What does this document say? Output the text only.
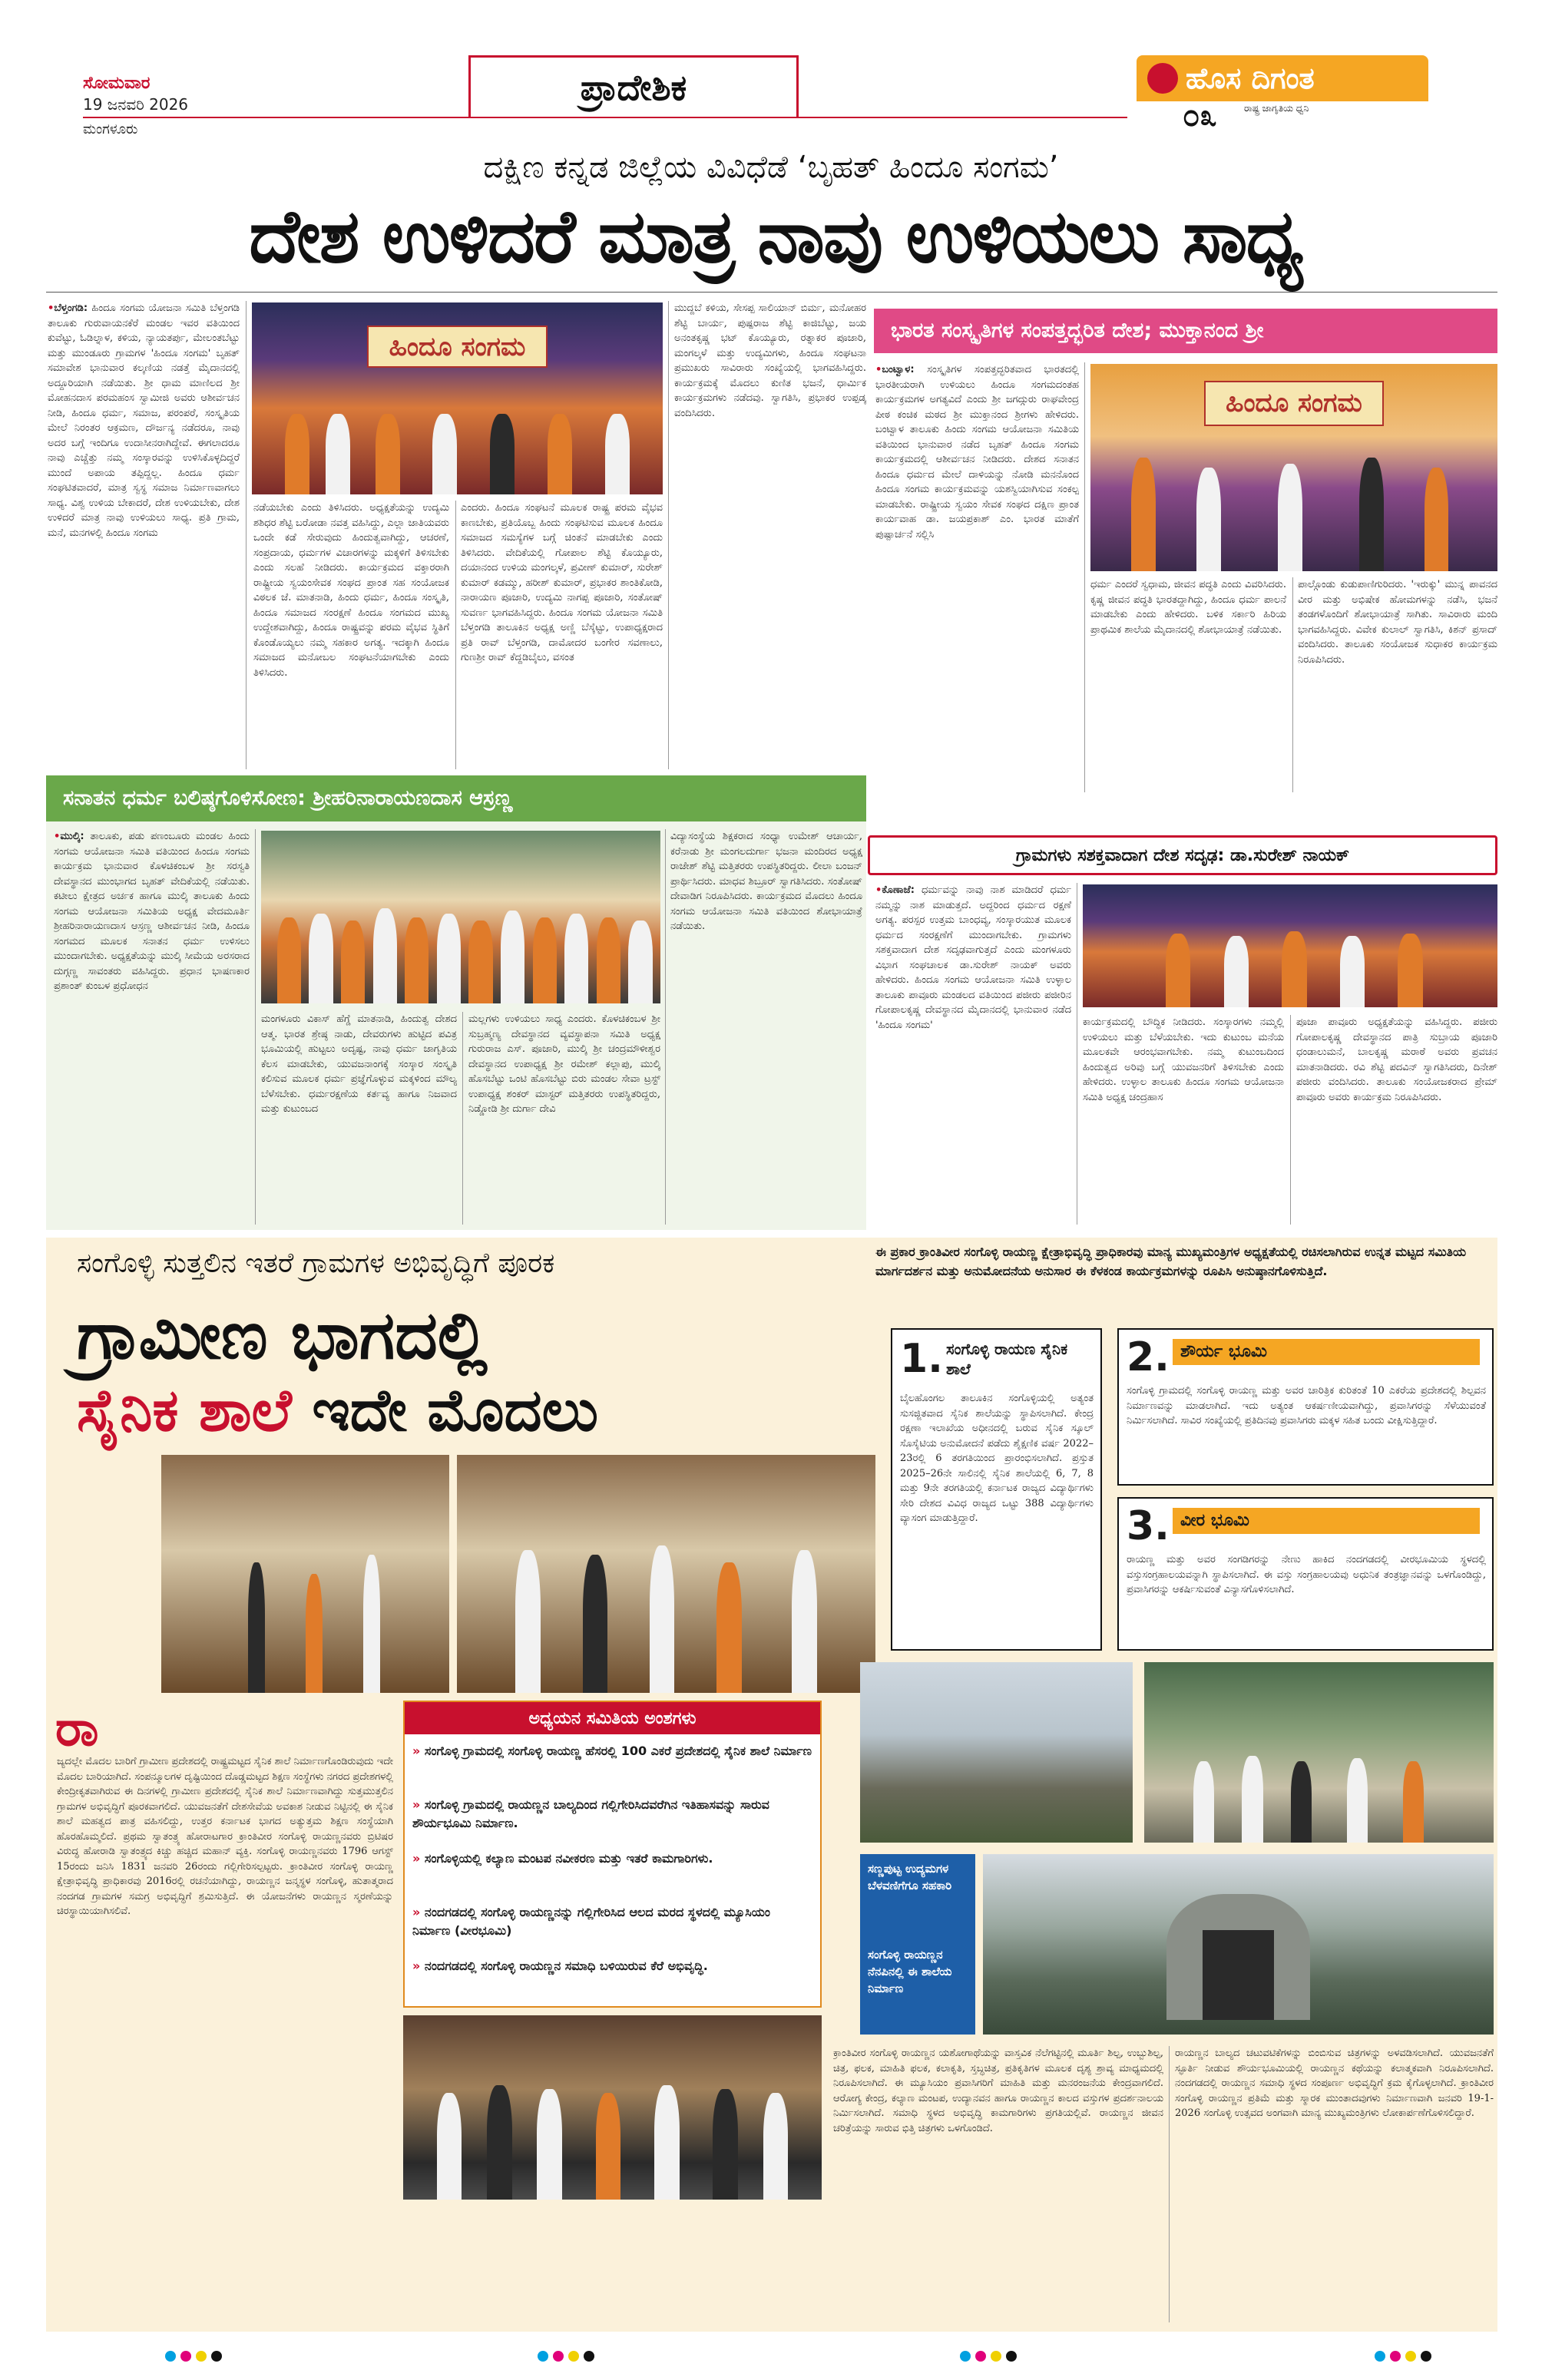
ಸೋಮವಾರ
19 ಜನವರಿ 2026
ಮಂಗಳೂರು
ಪ್ರಾದೇಶಿಕ	ಹೊಸ ದಿಗಂತ
ರಾಷ್ಟ್ರ ಜಾಗೃತಿಯ ಧ್ವನಿ
೦೩
ದಕ್ಷಿಣ ಕನ್ನಡ ಜಿಲ್ಲೆಯ ವಿವಿಧೆಡೆ ‘ಬೃಹತ್ ಹಿಂದೂ ಸಂಗಮ’
ದೇಶ ಉಳಿದರೆ ಮಾತ್ರ ನಾವು ಉಳಿಯಲು ಸಾಧ್ಯ
•ಬೆಳ್ತಂಗಡಿ: ಹಿಂದೂ ಸಂಗಮ ಯೋಜನಾ ಸಮಿತಿ ಬೆಳ್ತಂಗಡಿ ತಾಲೂಕು ಗುರುವಾಯನಕೆರೆ ಮಂಡಲ ಇವರ ವತಿಯಿಂದ ಕುವೆಟ್ಟು, ಓಡಿಲ್ನಾಳ, ಕಳಿಯ, ನ್ಯಾಯತರ್ಪು, ಮೇಲಂತಬೆಟ್ಟು ಮತ್ತು ಮುಂಡೂರು ಗ್ರಾಮಗಳ 'ಹಿಂದೂ ಸಂಗಮ' ಬೃಹತ್ ಸಮಾವೇಶ ಭಾನುವಾರ ಕಲ್ಕಣಿಯ ನಡತ್ತೆ ಮೈದಾನದಲ್ಲಿ ಅದ್ದೂರಿಯಾಗಿ ನಡೆಯಿತು. ಶ್ರೀ ಧಾಮ ಮಾಣಿಲದ ಶ್ರೀ ಮೋಹನದಾಸ ಪರಮಹಂಸ ಸ್ವಾಮೀಜಿ ಅವರು ಆಶೀರ್ವಚನ ನೀಡಿ, ಹಿಂದೂ ಧರ್ಮ, ಸಮಾಜ, ಪರಂಪರೆ, ಸಂಸ್ಕೃತಿಯ ಮೇಲೆ ನಿರಂತರ ಆಕ್ರಮಣ, ದೌರ್ಜನ್ಯ ನಡೆದರೂ, ನಾವು ಅದರ ಬಗ್ಗೆ ಇಂದಿಗೂ ಉದಾಸೀನರಾಗಿದ್ದೇವೆ. ಈಗಲಾದರೂ ನಾವು ಎಚ್ಚೆತ್ತು ನಮ್ಮ ಸಂಸ್ಕಾರವನ್ನು ಉಳಿಸಿಕೊಳ್ಳದಿದ್ದರೆ ಮುಂದೆ ಅಪಾಯ ತಪ್ಪಿದ್ದಲ್ಲ. ಹಿಂದೂ ಧರ್ಮ ಸಂಘಟಿತವಾದರೆ, ಮಾತ್ರ ಸ್ವಸ್ಥ ಸಮಾಜ ನಿರ್ಮಾಣವಾಗಲು ಸಾಧ್ಯ. ವಿಶ್ವ ಉಳಿಯ ಬೇಕಾದರೆ, ದೇಶ ಉಳಿಯಬೇಕು, ದೇಶ ಉಳಿದರೆ ಮಾತ್ರ ನಾವು ಉಳಿಯಲು ಸಾಧ್ಯ. ಪ್ರತಿ ಗ್ರಾಮ, ಮನೆ, ಮನಗಳಲ್ಲಿ ಹಿಂದೂ ಸಂಗಮ
ಹಿಂದೂ ಸಂಗಮ
ನಡೆಯಬೇಕು ಎಂದು ತಿಳಿಸಿದರು. ಅಧ್ಯಕ್ಷತೆಯನ್ನು ಉದ್ಯಮಿ ಶಶಿಧರ ಶೆಟ್ಟಿ ಬರೋಡಾ ನವತ್ತ ವಹಿಸಿದ್ದು, ಎಲ್ಲಾ ಜಾತಿಯವರು ಒಂದೇ ಕಡೆ ಸೇರುವುದು ಹಿಂದುತ್ವವಾಗಿದ್ದು, ಆಚರಣೆ, ಸಂಪ್ರದಾಯ, ಧರ್ಮಗಳ ವಿಚಾರಗಳನ್ನು ಮಕ್ಕಳಿಗೆ ತಿಳಿಸಬೇಕು ಎಂದು ಸಲಹೆ ನೀಡಿದರು. ಕಾರ್ಯಕ್ರಮದ ವಕ್ತಾರರಾಗಿ ರಾಷ್ಟ್ರೀಯ ಸ್ವಯಂಸೇವಕ ಸಂಘದ ಪ್ರಾಂತ ಸಹ ಸಂಯೋಜಕ ವಿಠಲಕ ಜೆ. ಮಾತನಾಡಿ, ಹಿಂದು ಧರ್ಮ, ಹಿಂದೂ ಸಂಸ್ಕೃತಿ, ಹಿಂದೂ ಸಮಾಜದ ಸಂರಕ್ಷಣೆ ಹಿಂದೂ ಸಂಗಮದ ಮುಖ್ಯ ಉದ್ದೇಶವಾಗಿದ್ದು, ಹಿಂದೂ ರಾಷ್ಟ್ರವನ್ನು ಪರಮ ವೈಭವ ಸ್ಥಿತಿಗೆ ಕೊಂಡೊಯ್ಯಲು ನಮ್ಮ ಸಹಕಾರ ಅಗತ್ಯ. ಇದಕ್ಕಾಗಿ ಹಿಂದೂ ಸಮಾಜದ ಮನೋಬಲ ಸಂಘಟನೆಯಾಗಬೇಕು ಎಂದು ತಿಳಿಸಿದರು.
ಎಂದರು. ಹಿಂದೂ ಸಂಘಟನೆ ಮೂಲಕ ರಾಷ್ಟ್ರ ಪರಮ ವೈಭವ ಕಾಣಬೇಕು, ಪ್ರತಿಯೊಬ್ಬ ಹಿಂದು ಸಂಘಟಿಸುವ ಮೂಲಕ ಹಿಂದೂ ಸಮಾಜದ ಸಮಸ್ಯೆಗಳ ಬಗ್ಗೆ ಚಿಂತನೆ ಮಾಡಬೇಕು ಎಂದು ತಿಳಿಸಿದರು. ವೇದಿಕೆಯಲ್ಲಿ ಗೋಪಾಲ ಶೆಟ್ಟಿ ಕೊಯ್ಯೂರು, ದಯಾನಂದ ಉಳಿಯ ಮಂಗಲ್ಕಳೆ, ಪ್ರವೀಣ್ ಕುಮಾರ್, ಸುರೇಶ್ ಕುಮಾರ್ ಕಡಮ್ಮು, ಹರೀಶ್ ಕುಮಾರ್, ಪ್ರಭಾಕರ ಶಾಂತಿಕೋಡಿ, ನಾರಾಯಣ ಪೂಜಾರಿ, ಉದ್ಯಮಿ ನಾಗಪ್ಪ ಪೂಜಾರಿ, ಸಂತೋಷ್ ಸುವರ್ಣ ಭಾಗವಹಿಸಿದ್ದರು. ಹಿಂದೂ ಸಂಗಮ ಯೋಜನಾ ಸಮಿತಿ ಬೆಳ್ತಂಗಡಿ ತಾಲೂಕಿನ ಅಧ್ಯಕ್ಷ ಅಣ್ಣಿ ಬೆಸ್ಕೆಟ್ಟು, ಉಪಾಧ್ಯಕ್ಷರಾದ ಪ್ರತಿ ರಾವ್ ಬೆಳ್ತಂಗಡಿ, ದಾಮೋದರ ಬಂಗೇರ ಸವಣಾಲು, ಗುಣಶ್ರೀ ರಾವ್ ಕೆದ್ದಡಿಬೈಲು, ವಸಂತ
ಮುದ್ದಬೆ ಕಳಿಯ, ಸೇಸಪ್ಪ ಸಾಲಿಯಾನ್ ಬಿರ್ಮ, ಮನೋಹರ ಶೆಟ್ಟಿ ಬಾರ್ಯ, ಪುಷ್ಪರಾಜ ಶೆಟ್ಟಿ ಕಾಜಿಬೆಟ್ಟು, ಜಯ ಅನಂತಕೃಷ್ಣ ಭಟ್ ಕೊಯ್ಯೂರು, ರತ್ನಾಕರ ಪೂಜಾರಿ, ಮಂಗಲ್ಕಳೆ ಮತ್ತು ಉದ್ಯಮಿಗಳು, ಹಿಂದೂ ಸಂಘಟನಾ ಪ್ರಮುಖರು ಸಾವಿರಾರು ಸಂಖ್ಯೆಯಲ್ಲಿ ಭಾಗವಹಿಸಿದ್ದರು. ಕಾರ್ಯಕ್ರಮಕ್ಕೆ ಮೊದಲು ಕುಣಿತ ಭಜನೆ, ಧಾರ್ಮಿಕ ಕಾರ್ಯಕ್ರಮಗಳು ನಡೆದವು. ಸ್ವಾಗತಿಸಿ, ಪ್ರಭಾಕರ ಉಪ್ಪಡ್ಕ ವಂದಿಸಿದರು.
ಭಾರತ ಸಂಸ್ಕೃತಿಗಳ ಸಂಪತ್ತದ್ಭರಿತ ದೇಶ; ಮುಕ್ತಾನಂದ ಶ್ರೀ
•ಬಂಟ್ವಾಳ: ಸಂಸ್ಕೃತಿಗಳ ಸಂಪತ್ತದ್ಭರಿತವಾದ ಭಾರತದಲ್ಲಿ ಭಾರತೀಯರಾಗಿ ಉಳಿಯಲು ಹಿಂದೂ ಸಂಗಮದಂತಹ ಕಾರ್ಯಕ್ರಮಗಳ ಅಗತ್ಯವಿದೆ ಎಂದು ಶ್ರೀ ಜಗದ್ಗುರು ರಾಘವೇಂದ್ರ ಪೀಠ ಕಂಚಿಕ ಮಠದ ಶ್ರೀ ಮುಕ್ತಾನಂದ ಶ್ರೀಗಳು ಹೇಳಿದರು. ಬಂಟ್ವಾಳ ತಾಲೂಕು ಹಿಂದು ಸಂಗಮ ಆಯೋಜನಾ ಸಮಿತಿಯ ವತಿಯಿಂದ ಭಾನುವಾರ ನಡೆದ ಬೃಹತ್ ಹಿಂದೂ ಸಂಗಮ ಕಾರ್ಯಕ್ರಮದಲ್ಲಿ ಆಶೀರ್ವಚನ ನೀಡಿದರು. ದೇಶದ ಸನಾತನ ಹಿಂದೂ ಧರ್ಮದ ಮೇಲೆ ದಾಳಿಯನ್ನು ನೋಡಿ ಮನನೊಂದ ಹಿಂದೂ ಸಂಗಮ ಕಾರ್ಯಕ್ರಮವನ್ನು ಯಶಸ್ವಿಯಾಗಿಸುವ ಸಂಕಲ್ಪ ಮಾಡಬೇಕು. ರಾಷ್ಟ್ರೀಯ ಸ್ವಯಂ ಸೇವಕ ಸಂಘದ ದಕ್ಷಿಣ ಪ್ರಾಂತ ಕಾರ್ಯವಾಹ ಡಾ. ಜಯಪ್ರಕಾಶ್ ಎಂ. ಭಾರತ ಮಾತೆಗೆ ಪುಷ್ಪಾರ್ಚನೆ ಸಲ್ಲಿಸಿ
ಹಿಂದೂ ಸಂಗಮ
ಧರ್ಮ ಎಂದರೆ ಸ್ವಧಾಮ, ಜೀವನ ಪದ್ಧತಿ ಎಂದು ವಿವರಿಸಿದರು. ಕೃಷ್ಣ ಜೀವನ ಪದ್ಧತಿ ಭಾರತದ್ದಾಗಿದ್ದು, ಹಿಂದೂ ಧರ್ಮ ಪಾಲನೆ ಮಾಡಬೇಕು ಎಂದು ಹೇಳಿದರು. ಬಳಿಕ ಸರ್ಕಾರಿ ಹಿರಿಯ ಪ್ರಾಥಮಿಕ ಶಾಲೆಯ ಮೈದಾನದಲ್ಲಿ ಶೋಭಾಯಾತ್ರೆ ನಡೆಯಿತು.
ಪಾಲ್ಗೊಂಡು ಕುಡುಪಾಣಿಗುರಿದರು. 'ಇರುಕ್ಕು' ಮುನ್ನ ಪಾವನದ ವೀರ ಮತ್ತು ಅಭಿಷೇಕ ಹೋಮಗಳನ್ನು ನಡೆಸಿ, ಭಜನೆ ತಂಡಗಳೊಂದಿಗೆ ಶೋಭಾಯಾತ್ರೆ ಸಾಗಿತು. ಸಾವಿರಾರು ಮಂದಿ ಭಾಗವಹಿಸಿದ್ದರು. ವಿವೇಕ ಕುಲಾಲ್ ಸ್ವಾಗತಿಸಿ, ಕಿಶನ್ ಪ್ರಸಾದ್ ವಂದಿಸಿದರು. ತಾಲೂಕು ಸಂಯೋಜಕ ಸುಧಾಕರ ಕಾರ್ಯಕ್ರಮ ನಿರೂಪಿಸಿದರು.
ಸನಾತನ ಧರ್ಮ ಬಲಿಷ್ಠಗೊಳಿಸೋಣ: ಶ್ರೀಹರಿನಾರಾಯಣದಾಸ ಆಸ್ರಣ್ಣ
•ಮುಲ್ಕಿ: ತಾಲೂಕು, ಪಡು ಪಣಂಬೂರು ಮಂಡಲ ಹಿಂದು ಸಂಗಮ ಆಯೋಜನಾ ಸಮಿತಿ ವತಿಯಿಂದ ಹಿಂದೂ ಸಂಗಮ ಕಾರ್ಯಕ್ರಮ ಭಾನುವಾರ ಕೊಳಚಿಕಂಬಳ ಶ್ರೀ ಸರಸ್ವತಿ ದೇವಸ್ಥಾನದ ಮುಂಭಾಗದ ಬೃಹತ್ ವೇದಿಕೆಯಲ್ಲಿ ನಡೆಯಿತು. ಕಟೀಲು ಕ್ಷೇತ್ರದ ಅರ್ಚಕ ಹಾಗೂ ಮುಲ್ಕಿ ತಾಲೂಕು ಹಿಂದು ಸಂಗಮ ಆಯೋಜನಾ ಸಮಿತಿಯ ಅಧ್ಯಕ್ಷ ವೇದಮೂರ್ತಿ ಶ್ರೀಹರಿನಾರಾಯಣದಾಸ ಆಸ್ರಣ್ಣ ಆಶೀರ್ವಚನ ನೀಡಿ, ಹಿಂದೂ ಸಂಗಮದ ಮೂಲಕ ಸನಾತನ ಧರ್ಮ ಉಳಿಸಲು ಮುಂದಾಗಬೇಕು. ಅಧ್ಯಕ್ಷತೆಯನ್ನು ಮುಲ್ಕಿ ಸೀಮೆಯ ಅರಸರಾದ ದುಗ್ಗಣ್ಣ ಸಾವಂತರು ವಹಿಸಿದ್ದರು. ಪ್ರಧಾನ ಭಾಷಣಕಾರ ಪ್ರಶಾಂತ್ ಕುಂಬಳ ಪ್ರಧೋಧನ
ಮಂಗಳೂರು ವಿಕಾಸ್ ಹೆಗ್ಡೆ ಮಾತನಾಡಿ, ಹಿಂದುತ್ವ ದೇಶದ ಆತ್ಮ. ಭಾರತ ಶ್ರೇಷ್ಠ ನಾಡು, ದೇವರುಗಳು ಹುಟ್ಟಿದ ಪವಿತ್ರ ಭೂಮಿಯಲ್ಲಿ ಹುಟ್ಟಲು ಅದೃಷ್ಟ, ನಾವು ಧರ್ಮ ಜಾಗೃತಿಯ ಕೆಲಸ ಮಾಡಬೇಕು, ಯುವಜನಾಂಗಕ್ಕೆ ಸಂಸ್ಕಾರ ಸಂಸ್ಕೃತಿ ಕಲಿಸುವ ಮೂಲಕ ಧರ್ಮ ಪ್ರಜ್ಞೆಗೊಳ್ಳುವ ಮಕ್ಕಳಿಂದ ಮೌಲ್ಯ ಬೆಳೆಸಬೇಕು. ಧರ್ಮರಕ್ಷಣೆಯ ಕರ್ತವ್ಯ ಹಾಗೂ ನಿಜವಾದ ಮತ್ತು ಕುಟುಂಬದ
ಮಲ್ಲಗಳು ಉಳಿಯಲು ಸಾಧ್ಯ ಎಂದರು. ಕೊಳಚಿಕಂಬಳ ಶ್ರೀ ಸುಬ್ರಹ್ಮಣ್ಯ ದೇವಸ್ಥಾನದ ವ್ಯವಸ್ಥಾಪನಾ ಸಮಿತಿ ಅಧ್ಯಕ್ಷ ಗುರುರಾಜ ಎಸ್. ಪೂಜಾರಿ, ಮುಲ್ಕಿ ಶ್ರೀ ಚಂದ್ರಮೌಳೀಶ್ವರ ದೇವಸ್ಥಾನದ ಉಪಾಧ್ಯಕ್ಷ ಶ್ರೀ ರಮೇಶ್ ಕಲ್ಲಾಪು, ಮುಲ್ಕಿ ಹೊಸಬೆಟ್ಟು ಒಂಟಿ ಹೊಸಬೆಟ್ಟು ಬಿರು ಮಂಡಲ ಸೇವಾ ಟ್ರಸ್ಟ್ ಉಪಾಧ್ಯಕ್ಷ ಶಂಕರ್ ಮಾಸ್ಟರ್ ಮತ್ತಿತರರು ಉಪಸ್ಥಿತರಿದ್ದರು, ನಿಡ್ಡೋಡಿ ಶ್ರೀ ದುರ್ಗಾ ದೇವಿ
ವಿದ್ಯಾಸಂಸ್ಥೆಯ ಶಿಕ್ಷಕರಾದ ಸಂಧ್ಯಾ ಉಮೇಶ್ ಆಚಾರ್ಯ, ಕರೆನಾಡು ಶ್ರೀ ಮಂಗಲದುರ್ಗಾ ಭಜನಾ ಮಂದಿರದ ಅಧ್ಯಕ್ಷ ರಾಜೇಶ್ ಶೆಟ್ಟಿ ಮತ್ತಿತರರು ಉಪಸ್ಥಿತರಿದ್ದರು. ಲೀಲಾ ಬಂಜನ್ ಪ್ರಾರ್ಥಿಸಿದರು. ಮಾಧವ ಶಿಬ್ರೂರ್ ಸ್ವಾಗತಿಸಿದರು. ಸಂತೋಷ್ ದೇವಾಡಿಗ ನಿರೂಪಿಸಿದರು. ಕಾರ್ಯಕ್ರಮದ ಮೊದಲು ಹಿಂದೂ ಸಂಗಮ ಆಯೋಜನಾ ಸಮಿತಿ ವತಿಯಿಂದ ಶೋಭಾಯಾತ್ರೆ ನಡೆಯಿತು.
ಗ್ರಾಮಗಳು ಸಶಕ್ತವಾದಾಗ ದೇಶ ಸದೃಢ: ಡಾ.ಸುರೇಶ್ ನಾಯಕ್
•ಕೊಣಾಜೆ: ಧರ್ಮವನ್ನು ನಾವು ನಾಶ ಮಾಡಿದರೆ ಧರ್ಮ ನಮ್ಮನ್ನು ನಾಶ ಮಾಡುತ್ತದೆ. ಅದ್ದರಿಂದ ಧರ್ಮದ ರಕ್ಷಣೆ ಅಗತ್ಯ. ಪರಸ್ಪರ ಉತ್ತಮ ಬಾಂಧವ್ಯ, ಸಂಸ್ಕಾರಯುತ ಮೂಲಕ ಧರ್ಮದ ಸಂರಕ್ಷಣೆಗೆ ಮುಂದಾಗಬೇಕು. ಗ್ರಾಮಗಳು ಸಶಕ್ತವಾದಾಗ ದೇಶ ಸದೃಢವಾಗುತ್ತದೆ ಎಂದು ಮಂಗಳೂರು ವಿಭಾಗ ಸಂಘಚಾಲಕ ಡಾ.ಸುರೇಶ್ ನಾಯಕ್ ಅವರು ಹೇಳಿದರು. ಹಿಂದೂ ಸಂಗಮ ಆಯೋಜನಾ ಸಮಿತಿ ಉಳ್ಳಾಲ ತಾಲೂಕು ಪಾವೂರು ಮಂಡಲದ ವತಿಯಿಂದ ಪಜೀರು ಪಜೀರಿನ ಗೋಪಾಲಕೃಷ್ಣ ದೇವಸ್ಥಾನದ ಮೈದಾನದಲ್ಲಿ ಭಾನುವಾರ ನಡೆದ 'ಹಿಂದೂ ಸಂಗಮ'	ಕಾರ್ಯಕ್ರಮದಲ್ಲಿ ಬೌದ್ಧಿಕ ನೀಡಿದರು. ಸಂಸ್ಕಾರಗಳು ನಮ್ಮಲ್ಲಿ ಉಳಿಯಲು ಮತ್ತು ಬೆಳೆಯಬೇಕು. ಇದು ಕುಟುಂಬ ಮನೆಯ ಮೂಲಕವೇ ಆರಂಭವಾಗಬೇಕು. ನಮ್ಮ ಕುಟುಂಬದಿಂದ ಹಿಂದುತ್ವದ ಅರಿವು ಬಗ್ಗೆ ಯುವಜನರಿಗೆ ತಿಳಿಸಬೇಕು ಎಂದು ಹೇಳಿದರು. ಉಳ್ಳಾಲ ತಾಲೂಕು ಹಿಂದೂ ಸಂಗಮ ಆಯೋಜನಾ ಸಮಿತಿ ಅಧ್ಯಕ್ಷ ಚಂದ್ರಹಾಸ
ಪೂಜಾ ಪಾವೂರು ಅಧ್ಯಕ್ಷತೆಯನ್ನು ವಹಿಸಿದ್ದರು. ಪಜೀರು ಗೋಪಾಲಕೃಷ್ಣ ದೇವಸ್ಥಾನದ ಪಾತ್ರಿ ಸುಬ್ರಾಯ ಪೂಜಾರಿ ಧಂಡಾಲುಮನೆ, ಬಾಲಕೃಷ್ಣ ಮರಾಠೆ ಅವರು ಪ್ರವಚನ ಮಾತನಾಡಿದರು. ರವಿ ಶೆಟ್ಟಿ ಪದವಿನ್ ಸ್ವಾಗತಿಸಿದರು, ದಿನೇಶ್ ಪಜೀರು ವಂದಿಸಿದರು. ತಾಲೂಕು ಸಂಯೋಜಕರಾದ ಪ್ರೇಮ್ ಪಾವೂರು ಅವರು ಕಾರ್ಯಕ್ರಮ ನಿರೂಪಿಸಿದರು.
ಸಂಗೊಳ್ಳಿ ಸುತ್ತಲಿನ ಇತರೆ ಗ್ರಾಮಗಳ ಅಭಿವೃದ್ಧಿಗೆ ಪೂರಕ	ಈ ಪ್ರಕಾರ ಕ್ರಾಂತಿವೀರ ಸಂಗೊಳ್ಳಿ ರಾಯಣ್ಣ ಕ್ಷೇತ್ರಾಭಿವೃದ್ಧಿ ಪ್ರಾಧಿಕಾರವು ಮಾನ್ಯ ಮುಖ್ಯಮಂತ್ರಿಗಳ ಅಧ್ಯಕ್ಷತೆಯಲ್ಲಿ ರಚಿಸಲಾಗಿರುವ ಉನ್ನತ ಮಟ್ಟದ ಸಮಿತಿಯ ಮಾರ್ಗದರ್ಶನ ಮತ್ತು ಅನುಮೋದನೆಯ ಅನುಸಾರ ಈ ಕೆಳಕಂಡ ಕಾರ್ಯಕ್ರಮಗಳನ್ನು ರೂಪಿಸಿ ಅನುಷ್ಠಾನಗೊಳಿಸುತ್ತಿದೆ.
ಗ್ರಾಮೀಣ ಭಾಗದಲ್ಲಿ
ಸೈನಿಕ ಶಾಲೆ ಇದೇ ಮೊದಲು
1. ಸಂಗೊಳ್ಳಿ ರಾಯಣ ಸೈನಿಕ ಶಾಲೆ
ಬೈಲಹೊಂಗಲ ತಾಲೂಕಿನ ಸಂಗೊಳ್ಳಿಯಲ್ಲಿ ಅತ್ಯಂತ ಸುಸಜ್ಜಿತವಾದ ಸೈನಿಕ ಶಾಲೆಯನ್ನು ಸ್ಥಾಪಿಸಲಾಗಿದೆ. ಕೇಂದ್ರ ರಕ್ಷಣಾ ಇಲಾಖೆಯ ಅಧೀನದಲ್ಲಿ ಬರುವ ಸೈನಿಕ ಸ್ಕೂಲ್ ಸೊಸೈಟಿಯ ಅನುಮೋದನೆ ಪಡೆದು ಶೈಕ್ಷಣಿಕ ವರ್ಷ 2022–23ರಲ್ಲಿ 6 ತರಗತಿಯಿಂದ ಪ್ರಾರಂಭಿಸಲಾಗಿದೆ. ಪ್ರಸ್ತುತ 2025–26ನೇ ಸಾಲಿನಲ್ಲಿ ಸೈನಿಕ ಶಾಲೆಯಲ್ಲಿ 6, 7, 8 ಮತ್ತು 9ನೇ ತರಗತಿಯಲ್ಲಿ ಕರ್ನಾಟಕ ರಾಜ್ಯದ ವಿದ್ಯಾರ್ಥಿಗಳು ಸೇರಿ ದೇಶದ ವಿವಿಧ ರಾಜ್ಯದ ಒಟ್ಟು 388 ವಿದ್ಯಾರ್ಥಿಗಳು ವ್ಯಾಸಂಗ ಮಾಡುತ್ತಿದ್ದಾರೆ.
2. ಶೌರ್ಯ ಭೂಮಿ
ಸಂಗೊಳ್ಳಿ ಗ್ರಾಮದಲ್ಲಿ ಸಂಗೊಳ್ಳಿ ರಾಯಣ್ಣ ಮತ್ತು ಅವರ ಚಾರಿತ್ರಿಕ ಕುರಿತಂತೆ 10 ಎಕರೆಯ ಪ್ರದೇಶದಲ್ಲಿ ಶಿಲ್ಪವನ ನಿರ್ಮಾಣವನ್ನು ಮಾಡಲಾಗಿದೆ. ಇದು ಅತ್ಯಂತ ಆಕರ್ಷಣೀಯವಾಗಿದ್ದು, ಪ್ರವಾಸಿಗರನ್ನು ಸೆಳೆಯುವಂತೆ ನಿರ್ಮಿಸಲಾಗಿದೆ. ಸಾವಿರ ಸಂಖ್ಯೆಯಲ್ಲಿ ಪ್ರತಿದಿನವು ಪ್ರವಾಸಿಗರು ಮಕ್ಕಳ ಸಹಿತ ಬಂದು ವೀಕ್ಷಿಸುತ್ತಿದ್ದಾರೆ.
3. ವೀರ ಭೂಮಿ
ರಾಯಣ್ಣ ಮತ್ತು ಅವರ ಸಂಗಡಿಗರನ್ನು ನೇಣು ಹಾಕಿದ ನಂದಗಡದಲ್ಲಿ ವೀರಭೂಮಿಯ ಸ್ಥಳದಲ್ಲಿ ವಸ್ತುಸಂಗ್ರಹಾಲಯವನ್ನಾಗಿ ಸ್ಥಾಪಿಸಲಾಗಿದೆ. ಈ ವಸ್ತು ಸಂಗ್ರಹಾಲಯವು ಅಧುನಿಕ ತಂತ್ರಜ್ಞಾನವನ್ನು ಒಳಗೊಂಡಿದ್ದು, ಪ್ರವಾಸಿಗರನ್ನು ಆಕರ್ಷಿಸುವಂತೆ ವಿನ್ಯಾಸಗೊಳಿಸಲಾಗಿದೆ.
ಸಣ್ಣಪುಟ್ಟ ಉದ್ಯಮಗಳ ಬೆಳವಣಿಗೆಗೂ ಸಹಕಾರಿ
ಸಂಗೊಳ್ಳಿ ರಾಯಣ್ಣನ ನೆನಪಿನಲ್ಲಿ ಈ ಶಾಲೆಯ ನಿರ್ಮಾಣ
ರಾ
ಜ್ಯದಲ್ಲೇ ಮೊದಲ ಬಾರಿಗೆ ಗ್ರಾಮೀಣ ಪ್ರದೇಶದಲ್ಲಿ ರಾಷ್ಟ್ರಮಟ್ಟದ ಸೈನಿಕ ಶಾಲೆ ನಿರ್ಮಾಣಗೊಂಡಿರುವುದು ಇದೇ ಮೊದಲ ಬಾರಿಯಾಗಿದೆ. ಸಂಪನ್ಮೂಲಗಳ ದೃಷ್ಟಿಯಿಂದ ದೊಡ್ಡಮಟ್ಟದ ಶಿಕ್ಷಣ ಸಂಸ್ಥೆಗಳು ನಗರದ ಪ್ರದೇಶಗಳಲ್ಲಿ ಕೇಂದ್ರೀಕೃತವಾಗಿರುವ ಈ ದಿನಗಳಲ್ಲಿ ಗ್ರಾಮೀಣ ಪ್ರದೇಶದಲ್ಲಿ ಸೈನಿಕ ಶಾಲೆ ನಿರ್ಮಾಣವಾಗಿದ್ದು ಸುತ್ತಮುತ್ತಲಿನ ಗ್ರಾಮಗಳ ಅಭಿವೃದ್ಧಿಗೆ ಪೂರಕವಾಗಲಿದೆ. ಯುವಜನತೆಗೆ ದೇಶಸೇವೆಯ ಅವಕಾಶ ನೀಡುವ ನಿಟ್ಟಿನಲ್ಲಿ ಈ ಸೈನಿಕ ಶಾಲೆ ಮಹತ್ವದ ಪಾತ್ರ ವಹಿಸಲಿದ್ದು, ಉತ್ತರ ಕರ್ನಾಟಕ ಭಾಗದ ಅತ್ಯುತ್ತಮ ಶಿಕ್ಷಣ ಸಂಸ್ಥೆಯಾಗಿ ಹೊರಹೊಮ್ಮಲಿದೆ. ಪ್ರಥಮ ಸ್ವಾತಂತ್ರ್ಯ ಹೋರಾಟಗಾರ ಕ್ರಾಂತಿವೀರ ಸಂಗೊಳ್ಳಿ ರಾಯಣ್ಣನವರು ಬ್ರಿಟಿಷರ ವಿರುದ್ಧ ಹೋರಾಡಿ ಸ್ವಾತಂತ್ರ್ಯದ ಕಿಚ್ಚು ಹಚ್ಚಿದ ಮಹಾನ್ ವ್ಯಕ್ತಿ. ಸಂಗೊಳ್ಳಿ ರಾಯಣ್ಣನವರು 1796 ಆಗಸ್ಟ್ 15ರಂದು ಜನಿಸಿ 1831 ಜನವರಿ 26ರಂದು ಗಲ್ಲಿಗೇರಿಸಲ್ಪಟ್ಟರು. ಕ್ರಾಂತಿವೀರ ಸಂಗೊಳ್ಳಿ ರಾಯಣ್ಣ ಕ್ಷೇತ್ರಾಭಿವೃದ್ಧಿ ಪ್ರಾಧಿಕಾರವು 2016ರಲ್ಲಿ ರಚನೆಯಾಗಿದ್ದು, ರಾಯಣ್ಣನ ಜನ್ಮಸ್ಥಳ ಸಂಗೊಳ್ಳಿ, ಹುತಾತ್ಮರಾದ ನಂದಗಡ ಗ್ರಾಮಗಳ ಸಮಗ್ರ ಅಭಿವೃದ್ಧಿಗೆ ಶ್ರಮಿಸುತ್ತಿದೆ. ಈ ಯೋಜನೆಗಳು ರಾಯಣ್ಣನ ಸ್ಮರಣೆಯನ್ನು ಚಿರಸ್ಥಾಯಿಯಾಗಿಸಲಿವೆ.
ಅಧ್ಯಯನ ಸಮಿತಿಯ ಅಂಶಗಳು
» ಸಂಗೊಳ್ಳಿ ಗ್ರಾಮದಲ್ಲಿ ಸಂಗೊಳ್ಳಿ ರಾಯಣ್ಣ ಹೆಸರಲ್ಲಿ 100 ಎಕರೆ ಪ್ರದೇಶದಲ್ಲಿ ಸೈನಿಕ ಶಾಲೆ ನಿರ್ಮಾಣ
» ಸಂಗೊಳ್ಳಿ ಗ್ರಾಮದಲ್ಲಿ ರಾಯಣ್ಣನ ಬಾಲ್ಯದಿಂದ ಗಲ್ಲಿಗೇರಿಸಿದವರೆಗಿನ ಇತಿಹಾಸವನ್ನು ಸಾರುವ ಶೌರ್ಯಭೂಮಿ ನಿರ್ಮಾಣ.
» ಸಂಗೊಳ್ಳಿಯಲ್ಲಿ ಕಲ್ಯಾಣ ಮಂಟಪ ನವೀಕರಣ ಮತ್ತು ಇತರೆ ಕಾಮಗಾರಿಗಳು.
» ನಂದಗಡದಲ್ಲಿ ಸಂಗೊಳ್ಳಿ ರಾಯಣ್ಣನನ್ನು ಗಲ್ಲಿಗೇರಿಸಿದ ಆಲದ ಮರದ ಸ್ಥಳದಲ್ಲಿ ಮ್ಯೂಸಿಯಂ ನಿರ್ಮಾಣ (ವೀರಭೂಮಿ)
» ನಂದಗಡದಲ್ಲಿ ಸಂಗೊಳ್ಳಿ ರಾಯಣ್ಣನ ಸಮಾಧಿ ಬಳಿಯಿರುವ ಕೆರೆ ಅಭಿವೃದ್ಧಿ.
ಕ್ರಾಂತಿವೀರ ಸಂಗೊಳ್ಳಿ ರಾಯಣ್ಣನ ಯಶೋಗಾಥೆಯನ್ನು ವಾಸ್ತವಿಕ ನೆಲೆಗಟ್ಟಿನಲ್ಲಿ ಮೂರ್ತಿ ಶಿಲ್ಪ, ಉಬ್ಬುಶಿಲ್ಪ, ಚಿತ್ರ, ಫಲಕ, ಮಾಹಿತಿ ಫಲಕ, ಕಲಾಕೃತಿ, ಸ್ತಬ್ಧಚಿತ್ರ, ಪ್ರತಿಕೃತಿಗಳ ಮೂಲಕ ದೃಶ್ಯ ಶ್ರಾವ್ಯ ಮಾಧ್ಯಮದಲ್ಲಿ ನಿರೂಪಿಸಲಾಗಿದೆ. ಈ ಮ್ಯೂಸಿಯಂ ಪ್ರವಾಸಿಗರಿಗೆ ಮಾಹಿತಿ ಮತ್ತು ಮನರಂಜನೆಯ ಕೇಂದ್ರವಾಗಲಿದೆ. ಆರೋಗ್ಯ ಕೇಂದ್ರ, ಕಲ್ಯಾಣ ಮಂಟಪ, ಉದ್ಯಾನವನ ಹಾಗೂ ರಾಯಣ್ಣನ ಕಾಲದ ವಸ್ತುಗಳ ಪ್ರದರ್ಶನಾಲಯ ನಿರ್ಮಿಸಲಾಗಿದೆ. ಸಮಾಧಿ ಸ್ಥಳದ ಅಭಿವೃದ್ಧಿ ಕಾಮಗಾರಿಗಳು ಪ್ರಗತಿಯಲ್ಲಿವೆ. ರಾಯಣ್ಣನ ಜೀವನ ಚರಿತ್ರೆಯನ್ನು ಸಾರುವ ಭಿತ್ತಿ ಚಿತ್ರಗಳು ಒಳಗೊಂಡಿದೆ.
ರಾಯಣ್ಣನ ಬಾಲ್ಯದ ಚಟುವಟಿಕೆಗಳನ್ನು ಬಿಂಬಿಸುವ ಚಿತ್ರಗಳನ್ನು ಅಳವಡಿಸಲಾಗಿದೆ. ಯುವಜನತೆಗೆ ಸ್ಫೂರ್ತಿ ನೀಡುವ ಶೌರ್ಯಭೂಮಿಯಲ್ಲಿ ರಾಯಣ್ಣನ ಕಥೆಯನ್ನು ಕಲಾತ್ಮಕವಾಗಿ ನಿರೂಪಿಸಲಾಗಿದೆ. ನಂದಗಡದಲ್ಲಿ ರಾಯಣ್ಣನ ಸಮಾಧಿ ಸ್ಥಳದ ಸಂಪೂರ್ಣ ಅಭಿವೃದ್ಧಿಗೆ ಕ್ರಮ ಕೈಗೊಳ್ಳಲಾಗಿದೆ. ಕ್ರಾಂತಿವೀರ ಸಂಗೊಳ್ಳಿ ರಾಯಣ್ಣನ ಪ್ರತಿಮೆ ಮತ್ತು ಸ್ಮಾರಕ ಮುಂತಾದವುಗಳು ನಿರ್ಮಾಣವಾಗಿ ಜನವರಿ 19-1-2026 ಸಂಗೊಳ್ಳಿ ಉತ್ಸವದ ಅಂಗವಾಗಿ ಮಾನ್ಯ ಮುಖ್ಯಮಂತ್ರಿಗಳು ಲೋಕಾರ್ಪಣೆಗೊಳಿಸಲಿದ್ದಾರೆ.
